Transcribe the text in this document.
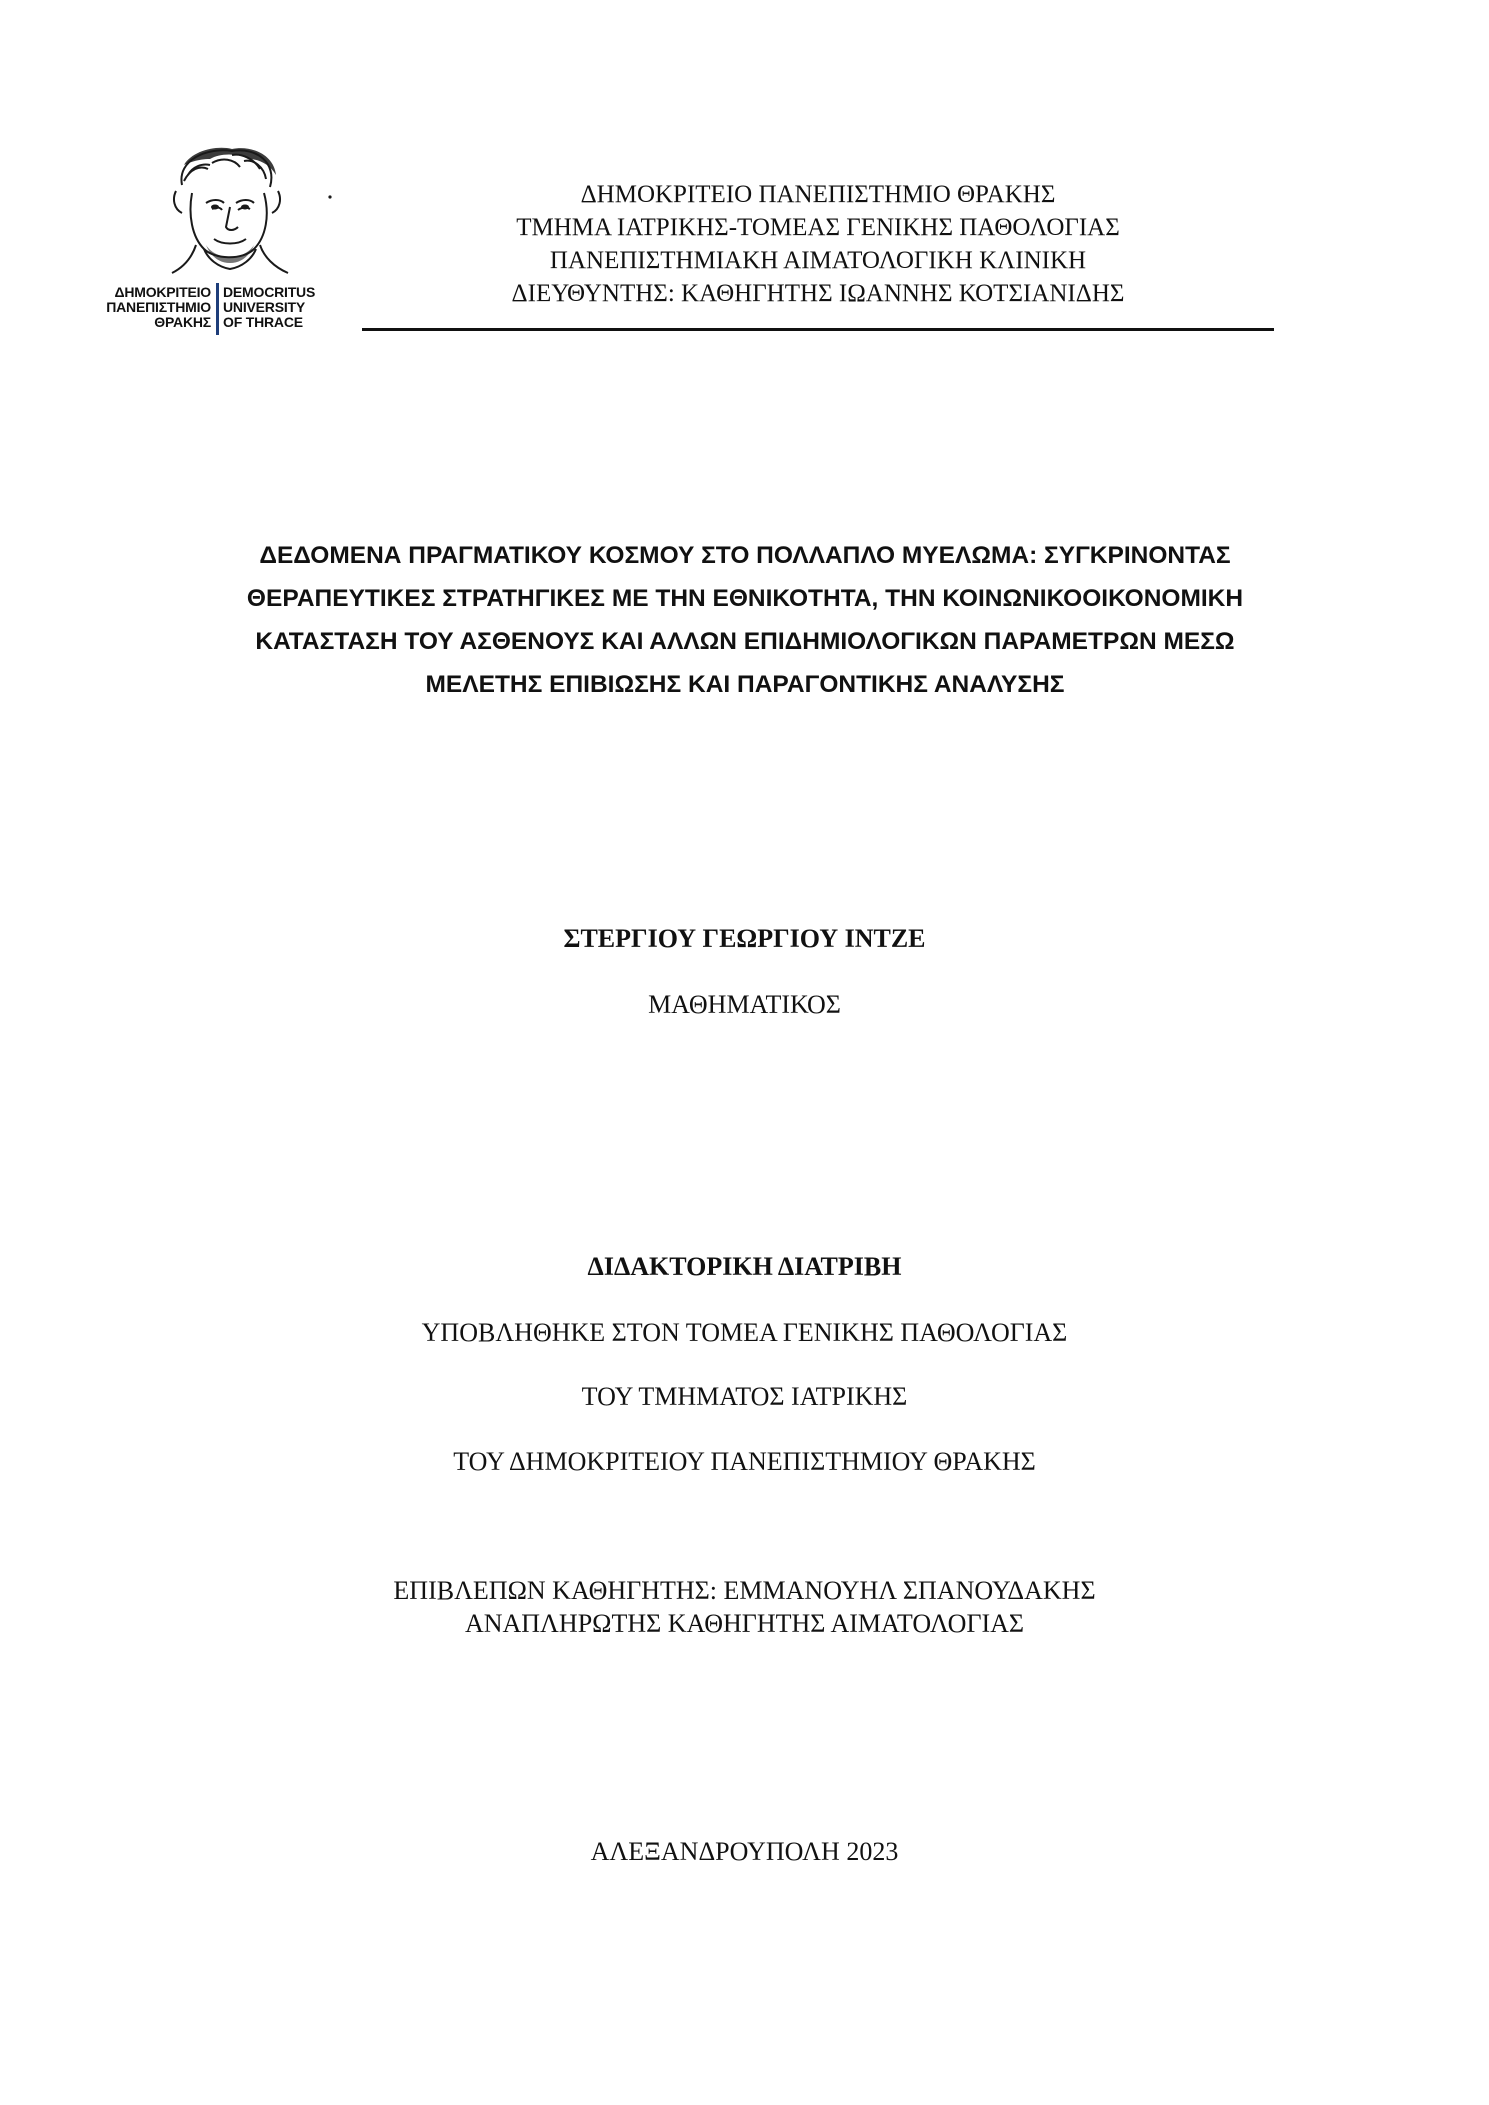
ΔΗΜΟΚΡΙΤΕΙΟ
ΠΑΝΕΠΙΣΤΗΜΙΟ
ΘΡΑΚΗΣ
DEMOCRITUS
UNIVERSITY
OF THRACE
ΔΗΜΟΚΡΙΤΕΙΟ ΠΑΝΕΠΙΣΤΗΜΙΟ ΘΡΑΚΗΣ
ΤΜΗΜΑ ΙΑΤΡΙΚΗΣ-ΤΟΜΕΑΣ ΓΕΝΙΚΗΣ ΠΑΘΟΛΟΓΙΑΣ
ΠΑΝΕΠΙΣΤΗΜΙΑΚΗ ΑΙΜΑΤΟΛΟΓΙΚΗ ΚΛΙΝΙΚΗ
ΔΙΕΥΘΥΝΤΗΣ: ΚΑΘΗΓΗΤΗΣ ΙΩΑΝΝΗΣ ΚΟΤΣΙΑΝΙΔΗΣ
ΔΕΔΟΜΕΝΑ ΠΡΑΓΜΑΤΙΚΟΥ ΚΟΣΜΟΥ ΣΤΟ ΠΟΛΛΑΠΛΟ ΜΥΕΛΩΜΑ: ΣΥΓΚΡΙΝΟΝΤΑΣ
ΘΕΡΑΠΕΥΤΙΚΕΣ ΣΤΡΑΤΗΓΙΚΕΣ ΜΕ ΤΗΝ ΕΘΝΙΚΟΤΗΤΑ, ΤΗΝ ΚΟΙΝΩΝΙΚΟΟΙΚΟΝΟΜΙΚΗ
ΚΑΤΑΣΤΑΣΗ ΤΟΥ ΑΣΘΕΝΟΥΣ ΚΑΙ ΑΛΛΩΝ ΕΠΙΔΗΜΙΟΛΟΓΙΚΩΝ ΠΑΡΑΜΕΤΡΩΝ ΜΕΣΩ
ΜΕΛΕΤΗΣ ΕΠΙΒΙΩΣΗΣ ΚΑΙ ΠΑΡΑΓΟΝΤΙΚΗΣ ΑΝΑΛΥΣΗΣ
ΣΤΕΡΓΙΟΥ ΓΕΩΡΓΙΟΥ ΙΝΤΖΕ
ΜΑΘΗΜΑΤΙΚΟΣ
ΔΙΔΑΚΤΟΡΙΚΗ ΔΙΑΤΡΙΒΗ
ΥΠΟΒΛΗΘΗΚΕ ΣΤΟΝ ΤΟΜΕΑ ΓΕΝΙΚΗΣ ΠΑΘΟΛΟΓΙΑΣ
ΤΟΥ ΤΜΗΜΑΤΟΣ ΙΑΤΡΙΚΗΣ
ΤΟΥ ΔΗΜΟΚΡΙΤΕΙΟΥ ΠΑΝΕΠΙΣΤΗΜΙΟΥ ΘΡΑΚΗΣ
ΕΠΙΒΛΕΠΩΝ ΚΑΘΗΓΗΤΗΣ: ΕΜΜΑΝΟΥΗΛ ΣΠΑΝΟΥΔΑΚΗΣ
ΑΝΑΠΛΗΡΩΤΗΣ ΚΑΘΗΓΗΤΗΣ ΑΙΜΑΤΟΛΟΓΙΑΣ
ΑΛΕΞΑΝΔΡΟΥΠΟΛΗ 2023
